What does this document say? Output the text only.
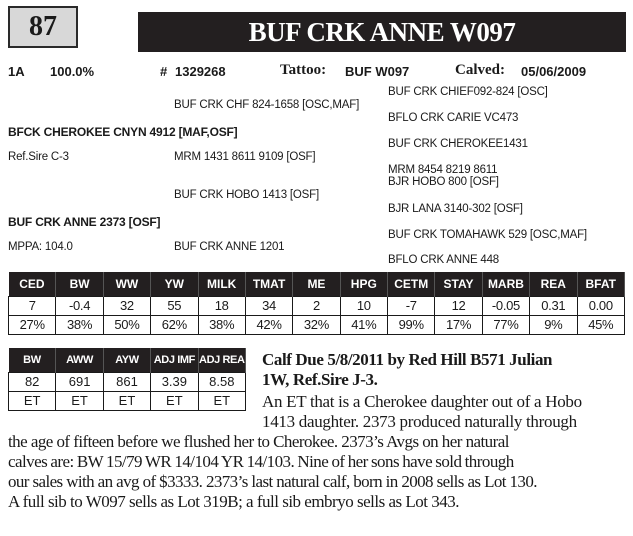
87	BUF CRK ANNE W097
1A 100.0%	# 1329268	Tattoo: BUF W097	Calved: 05/06/2009
BUF CRK CHIEF092-824 [OSC]
BUF CRK CHF 824-1658 [OSC,MAF]
BFLO CRK CARIE VC473
BFCK CHEROKEE CNYN 4912 [MAF,OSF]
BUF CRK CHEROKEE1431
Ref.Sire C-3	MRM 1431 8611 9109 [OSF]
MRM 8454 8219 8611
BJR HOBO 800 [OSF]
BUF CRK HOBO 1413 [OSF]
BJR LANA 3140-302 [OSF]
BUF CRK ANNE 2373 [OSF]
BUF CRK TOMAHAWK 529 [OSC,MAF]
MPPA: 104.0	BUF CRK ANNE 1201
BFLO CRK ANNE 448
CED	BW	WW	YW	MILK	TMAT	ME	HPG	CETM	STAY	MARB	REA	BFAT
7	-0.4	32	55	18	34	2	10	-7	12	-0.05	0.31	0.00
27%	38%	50%	62%	38%	42%	32%	41%	99%	17%	77%	9%	45%
BW	AWW	AYW	ADJ IMF	ADJ REA
82	691	861	3.39	8.58
ET	ET	ET	ET	ET
Calf Due 5/8/2011 by Red Hill B571 Julian
1W, Ref.Sire J-3.
An ET that is a Cherokee daughter out of a Hobo
1413 daughter. 2373 produced naturally through
the age of fifteen before we flushed her to Cherokee. 2373’s Avgs on her natural
calves are: BW 15/79 WR 14/104 YR 14/103. Nine of her sons have sold through
our sales with an avg of $3333. 2373’s last natural calf, born in 2008 sells as Lot 130.
A full sib to W097 sells as Lot 319B; a full sib embryo sells as Lot 343.
